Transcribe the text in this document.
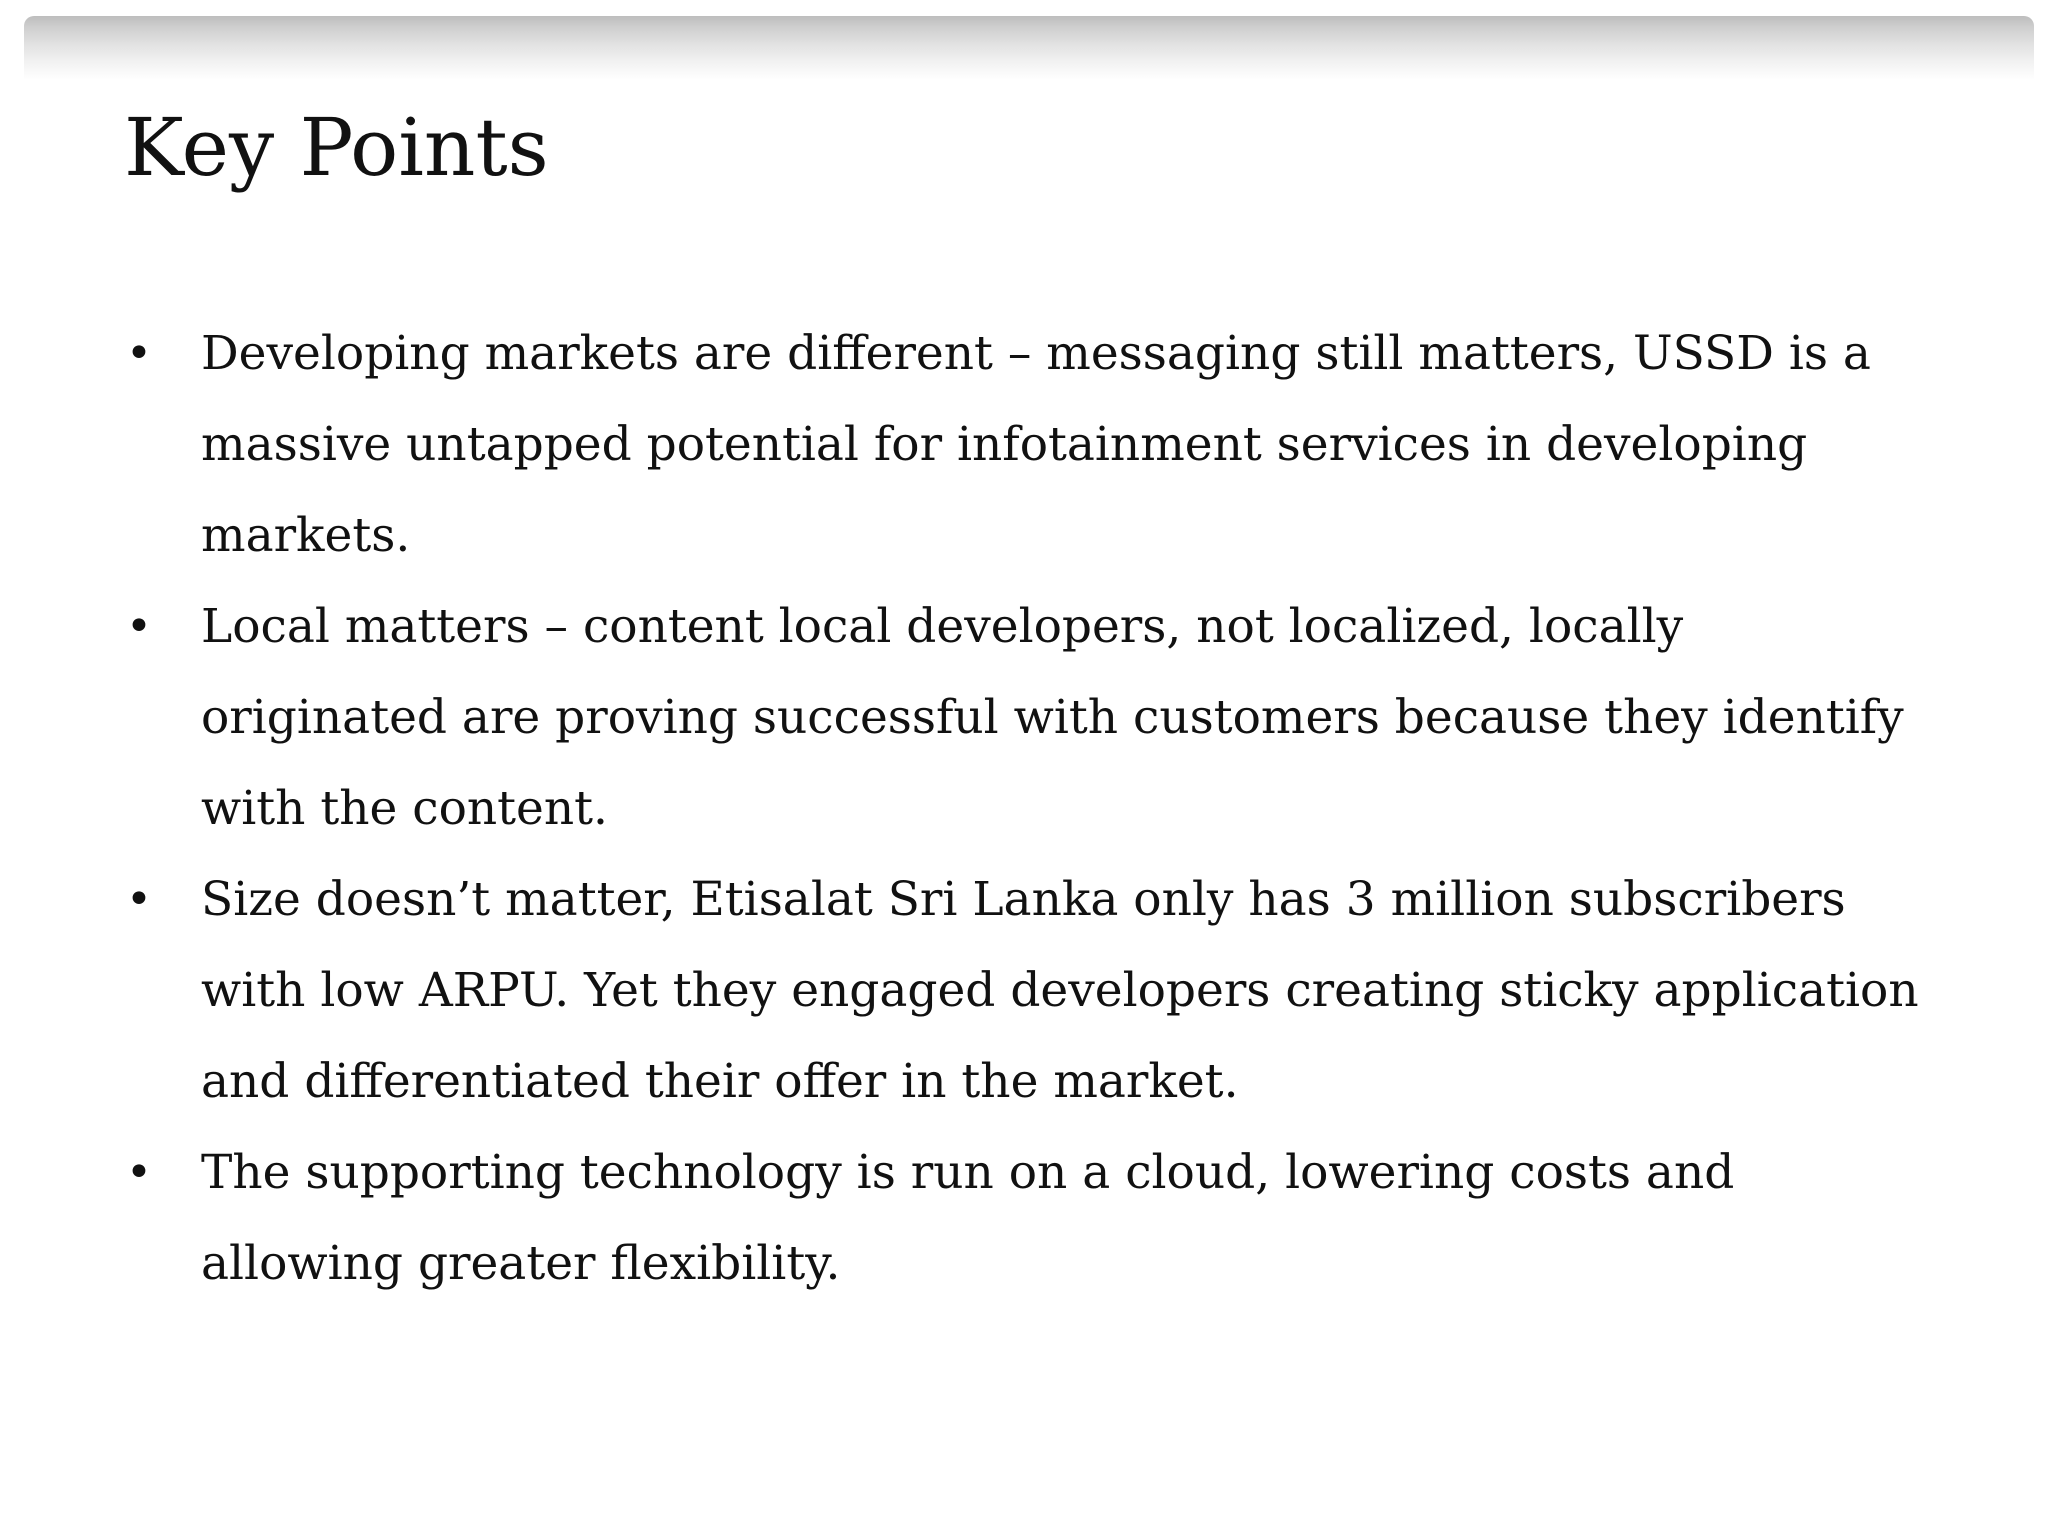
Key Points
• Developing markets are different – messaging still matters, USSD is a massive untapped potential for infotainment services in developing markets.
• Local matters – content local developers, not localized, locally originated are proving successful with customers because they identify with the content.
• Size doesn’t matter, Etisalat Sri Lanka only has 3 million subscribers with low ARPU. Yet they engaged developers creating sticky application and differentiated their offer in the market.
• The supporting technology is run on a cloud, lowering costs and allowing greater flexibility.
